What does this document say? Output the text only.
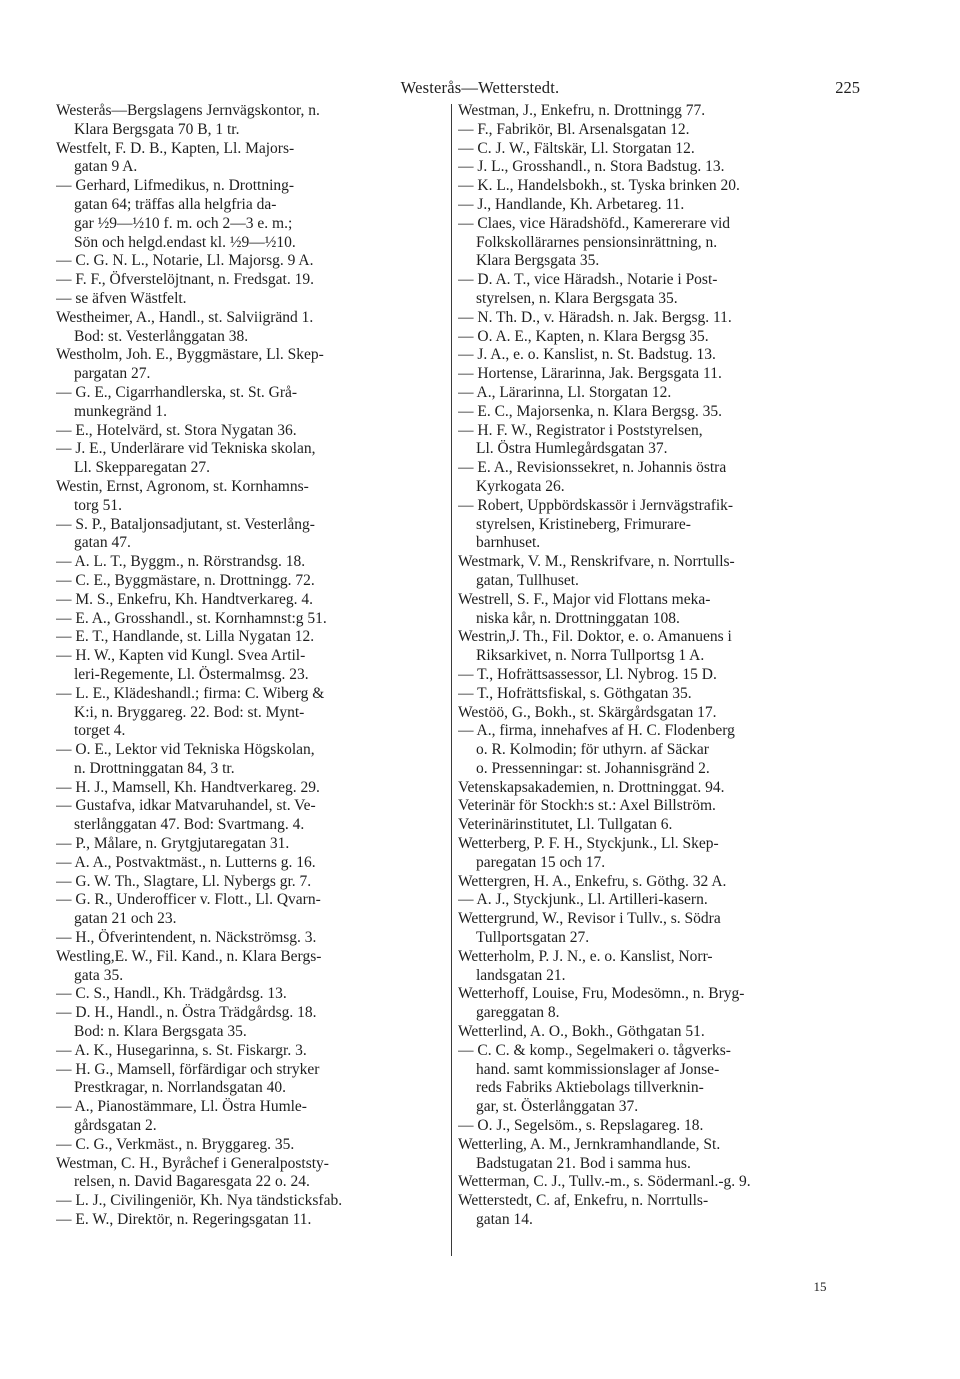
Westerås—Wetterstedt.	225
Westerås—Bergslagens Jernvägskontor, n.
Klara Bergsgata 70 B, 1 tr.
Westfelt, F. D. B., Kapten, Ll. Majors-
gatan 9 A.
— Gerhard, Lifmedikus, n. Drottning-
gatan 64; träffas alla helgfria da-
gar ½9—½10 f. m. och 2—3 e. m.;
Sön och helgd.endast kl. ½9—½10.
— C. G. N. L., Notarie, Ll. Majorsg. 9 A.
— F. F., Öfverstelöjtnant, n. Fredsgat. 19.
— se äfven Wästfelt.
Westheimer, A., Handl., st. Salviigränd 1.
Bod: st. Vesterlånggatan 38.
Westholm, Joh. E., Byggmästare, Ll. Skep-
pargatan 27.
— G. E., Cigarrhandlerska, st. St. Grå-
munkegränd 1.
— E., Hotelvärd, st. Stora Nygatan 36.
— J. E., Underlärare vid Tekniska skolan,
Ll. Skepparegatan 27.
Westin, Ernst, Agronom, st. Kornhamns-
torg 51.
— S. P., Bataljonsadjutant, st. Vesterlång-
gatan 47.
— A. L. T., Byggm., n. Rörstrandsg. 18.
— C. E., Byggmästare, n. Drottningg. 72.
— M. S., Enkefru, Kh. Handtverkareg. 4.
— E. A., Grosshandl., st. Kornhamnst:g 51.
— E. T., Handlande, st. Lilla Nygatan 12.
— H. W., Kapten vid Kungl. Svea Artil-
leri-Regemente, Ll. Östermalmsg. 23.
— L. E., Klädeshandl.; firma: C. Wiberg &
K:i, n. Bryggareg. 22. Bod: st. Mynt-
torget 4.
— O. E., Lektor vid Tekniska Högskolan,
n. Drottninggatan 84, 3 tr.
— H. J., Mamsell, Kh. Handtverkareg. 29.
— Gustafva, idkar Matvaruhandel, st. Ve-
sterlånggatan 47. Bod: Svartmang. 4.
— P., Målare, n. Grytgjutaregatan 31.
— A. A., Postvaktmäst., n. Lutterns g. 16.
— G. W. Th., Slagtare, Ll. Nybergs gr. 7.
— G. R., Underofficer v. Flott., Ll. Qvarn-
gatan 21 och 23.
— H., Öfverintendent, n. Näckströmsg. 3.
Westling,E. W., Fil. Kand., n. Klara Bergs-
gata 35.
— C. S., Handl., Kh. Trädgårdsg. 13.
— D. H., Handl., n. Östra Trädgårdsg. 18.
Bod: n. Klara Bergsgata 35.
— A. K., Husegarinna, s. St. Fiskargr. 3.
— H. G., Mamsell, förfärdigar och stryker
Prestkragar, n. Norrlandsgatan 40.
— A., Pianostämmare, Ll. Östra Humle-
gårdsgatan 2.
— C. G., Verkmäst., n. Bryggareg. 35.
Westman, C. H., Byråchef i Generalpoststy-
relsen, n. David Bagaresgata 22 o. 24.
— L. J., Civilingeniör, Kh. Nya tändsticksfab.
— E. W., Direktör, n. Regeringsgatan 11.
Westman, J., Enkefru, n. Drottningg 77.
— F., Fabrikör, Bl. Arsenalsgatan 12.
— C. J. W., Fältskär, Ll. Storgatan 12.
— J. L., Grosshandl., n. Stora Badstug. 13.
— K. L., Handelsbokh., st. Tyska brinken 20.
— J., Handlande, Kh. Arbetareg. 11.
— Claes, vice Häradshöfd., Kamererare vid
Folkskollärarnes pensionsinrättning, n.
Klara Bergsgata 35.
— D. A. T., vice Häradsh., Notarie i Post-
styrelsen, n. Klara Bergsgata 35.
— N. Th. D., v. Häradsh. n. Jak. Bergsg. 11.
— O. A. E., Kapten, n. Klara Bergsg 35.
— J. A., e. o. Kanslist, n. St. Badstug. 13.
— Hortense, Lärarinna, Jak. Bergsgata 11.
— A., Lärarinna, Ll. Storgatan 12.
— E. C., Majorsenka, n. Klara Bergsg. 35.
— H. F. W., Registrator i Poststyrelsen,
Ll. Östra Humlegårdsgatan 37.
— E. A., Revisionssekret, n. Johannis östra
Kyrkogata 26.
— Robert, Uppbördskassör i Jernvägstrafik-
styrelsen, Kristineberg, Frimurare-
barnhuset.
Westmark, V. M., Renskrifvare, n. Norrtulls-
gatan, Tullhuset.
Westrell, S. F., Major vid Flottans meka-
niska kår, n. Drottninggatan 108.
Westrin,J. Th., Fil. Doktor, e. o. Amanuens i
Riksarkivet, n. Norra Tullportsg 1 A.
— T., Hofrättsassessor, Ll. Nybrog. 15 D.
— T., Hofrättsfiskal, s. Göthgatan 35.
Westöö, G., Bokh., st. Skärgårdsgatan 17.
— A., firma, innehafves af H. C. Flodenberg
o. R. Kolmodin; för uthyrn. af Säckar
o. Pressenningar: st. Johannisgränd 2.
Vetenskapsakademien, n. Drottninggat. 94.
Veterinär för Stockh:s st.: Axel Billström.
Veterinärinstitutet, Ll. Tullgatan 6.
Wetterberg, P. F. H., Styckjunk., Ll. Skep-
paregatan 15 och 17.
Wettergren, H. A., Enkefru, s. Göthg. 32 A.
— A. J., Styckjunk., Ll. Artilleri-kasern.
Wettergrund, W., Revisor i Tullv., s. Södra
Tullportsgatan 27.
Wetterholm, P. J. N., e. o. Kanslist, Norr-
landsgatan 21.
Wetterhoff, Louise, Fru, Modesömn., n. Bryg-
gareggatan 8.
Wetterlind, A. O., Bokh., Göthgatan 51.
— C. C. & komp., Segelmakeri o. tågverks-
hand. samt kommissionslager af Jonse-
reds Fabriks Aktiebolags tillverknin-
gar, st. Österlånggatan 37.
— O. J., Segelsöm., s. Repslagareg. 18.
Wetterling, A. M., Jernkramhandlande, St.
Badstugatan 21. Bod i samma hus.
Wetterman, C. J., Tullv.-m., s. Södermanl.-g. 9.
Wetterstedt, C. af, Enkefru, n. Norrtulls-
gatan 14.
15
